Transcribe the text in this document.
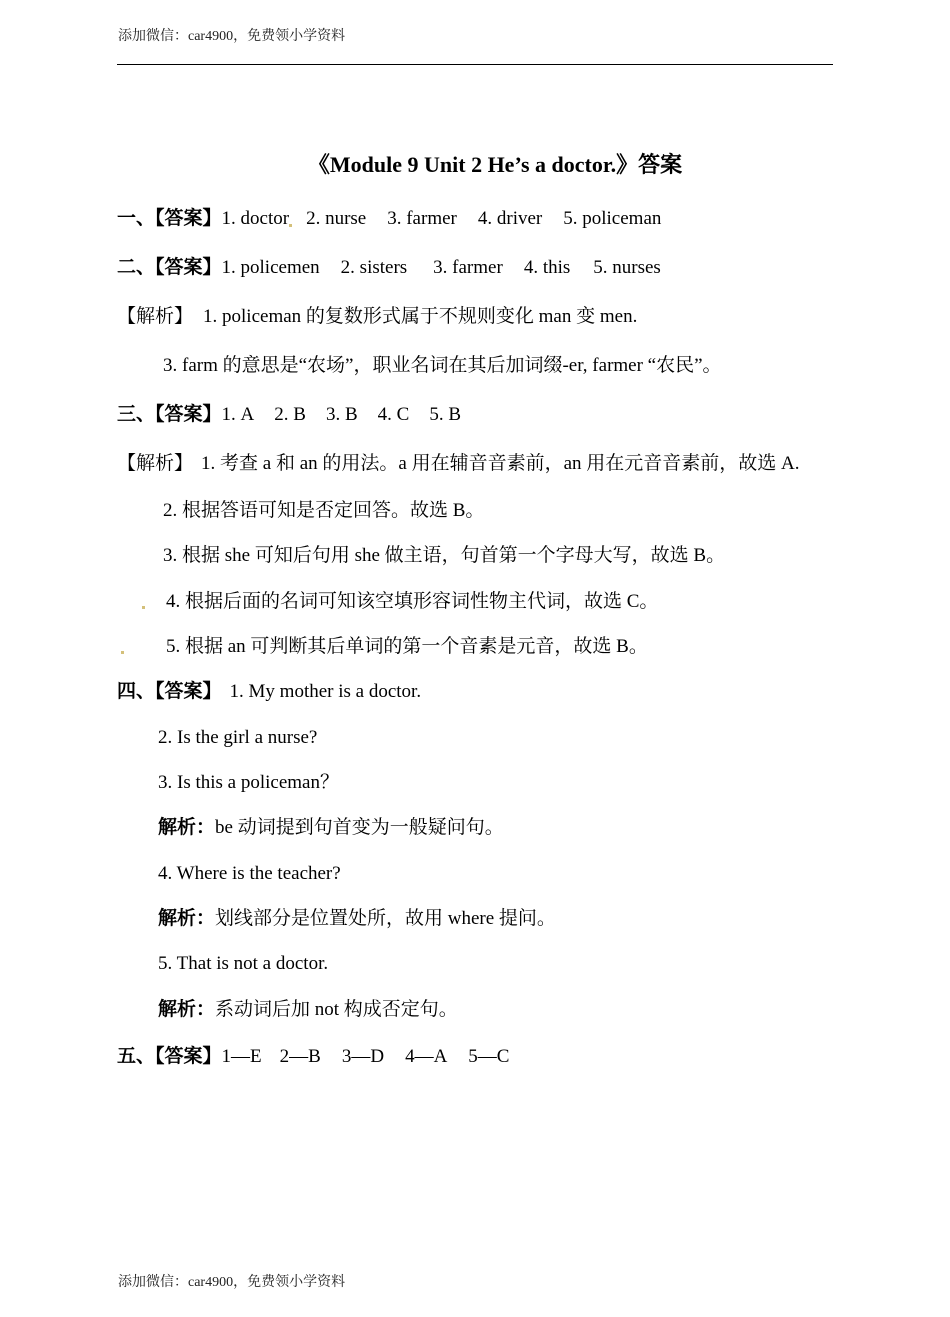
添加微信：car4900，免费领小学资料
《Module 9 Unit 2 He’s a doctor.》答案
一、【答案】1. doctor 2. nurse 3. farmer 4. driver 5. policeman
二、【答案】1. policemen 2. sisters 3. farmer 4. this 5. nurses
【解析】 1. policeman 的复数形式属于不规则变化 man 变 men.
3. farm 的意思是“农场”，职业名词在其后加词缀-er, farmer “农民”。
三、【答案】1. A 2. B 3. B 4. C 5. B
【解析】 1. 考查 a 和 an 的用法。a 用在辅音音素前，an 用在元音音素前，故选 A.
2. 根据答语可知是否定回答。故选 B。
3. 根据 she 可知后句用 she 做主语，句首第一个字母大写，故选 B。
4. 根据后面的名词可知该空填形容词性物主代词，故选 C。
5. 根据 an 可判断其后单词的第一个音素是元音，故选 B。
四、【答案】 1. My mother is a doctor.
2. Is the girl a nurse?
3. Is this a policeman？
解析：be 动词提到句首变为一般疑问句。
4. Where is the teacher?
解析：划线部分是位置处所，故用 where 提问。
5. That is not a doctor.
解析：系动词后加 not 构成否定句。
五、【答案】1—E 2—B 3—D 4—A 5—C
添加微信：car4900，免费领小学资料
